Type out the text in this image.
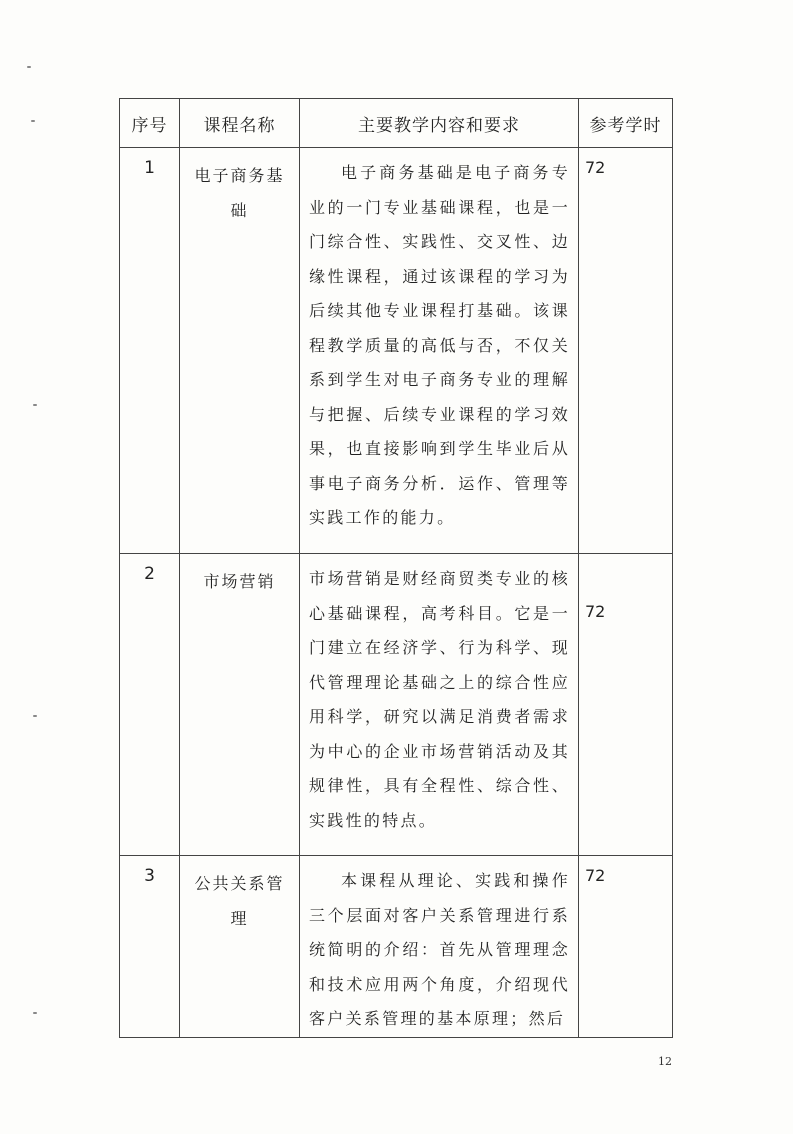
序号	课程名称	主要教学内容和要求	参考学时

1	电子商务基础	电子商务基础是电子商务专业的一门专业基础课程，也是一门综合性、实践性、交叉性、边缘性课程，通过该课程的学习为后续其他专业课程打基础。该课程教学质量的高低与否，不仅关系到学生对电子商务专业的理解与把握、后续专业课程的学习效果，也直接影响到学生毕业后从事电子商务分析．运作、管理等实践工作的能力。	72

2	市场营销	市场营销是财经商贸类专业的核心基础课程，高考科目。它是一门建立在经济学、行为科学、现代管理理论基础之上的综合性应用科学，研究以满足消费者需求为中心的企业市场营销活动及其规律性，具有全程性、综合性、实践性的特点。	72

3	公共关系管理	本课程从理论、实践和操作三个层面对客户关系管理进行系统简明的介绍：首先从管理理念和技术应用两个角度，介绍现代客户关系管理的基本原理；然后	72
12
